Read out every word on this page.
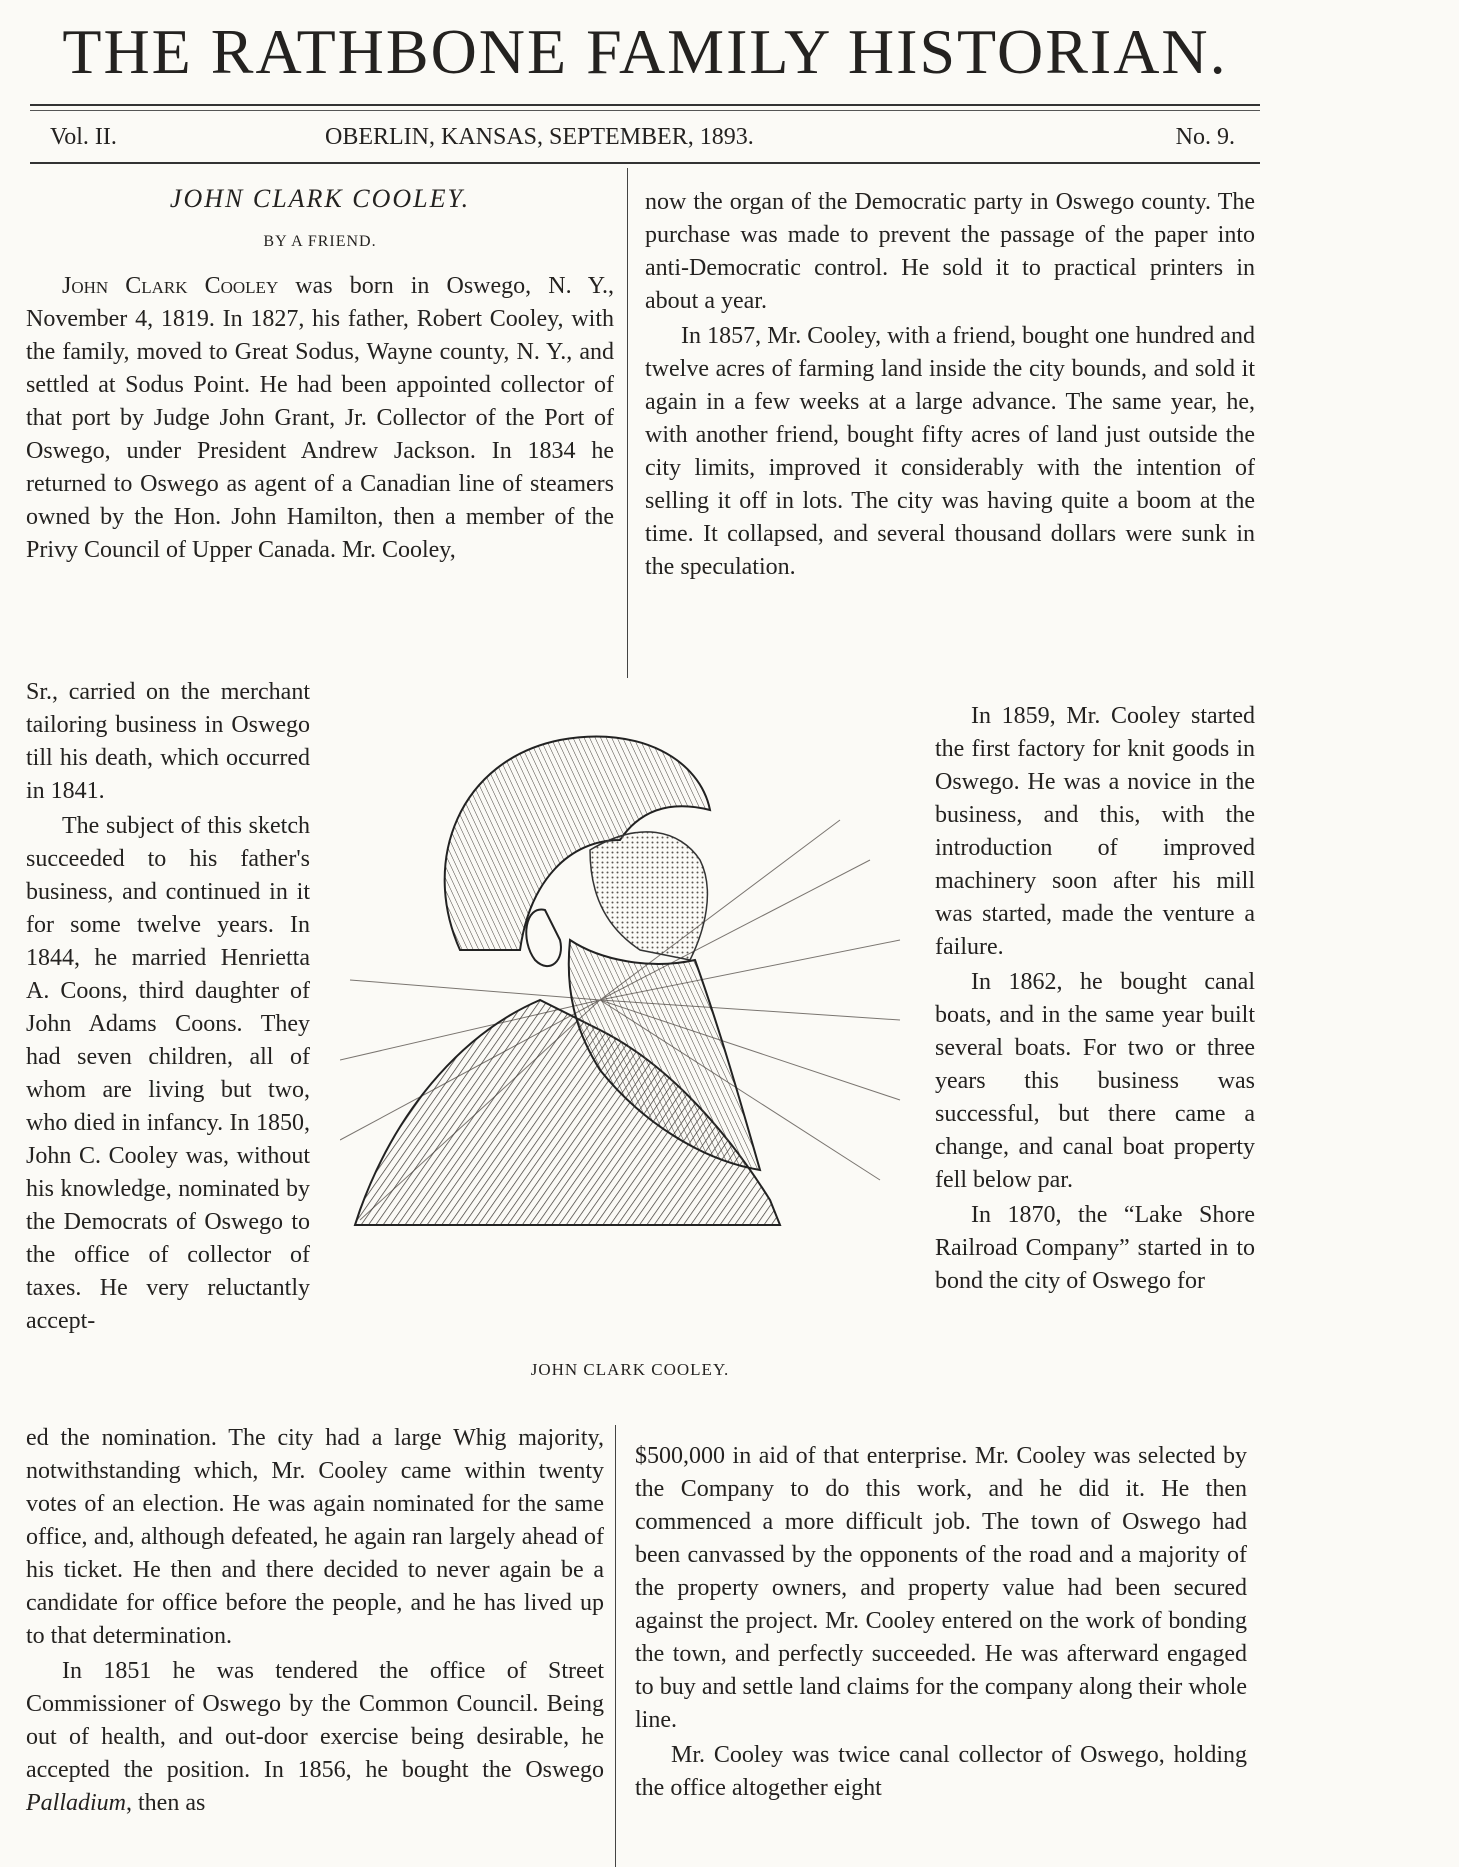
THE RATHBONE FAMILY HISTORIAN.
Vol. II.	OBERLIN, KANSAS, SEPTEMBER, 1893.	No. 9.
JOHN CLARK COOLEY.
BY A FRIEND.

John Clark Cooley was born in Oswego, N. Y., November 4, 1819. In 1827, his father, Robert Cooley, with the family, moved to Great Sodus, Wayne county, N. Y., and settled at Sodus Point. He had been appointed collector of that port by Judge John Grant, Jr. Collector of the Port of Oswego, under President Andrew Jackson. In 1834 he returned to Oswego as agent of a Canadian line of steamers owned by the Hon. John Hamilton, then a member of the Privy Council of Upper Canada. Mr. Cooley,

Sr., carried on the merchant tailoring business in Oswego till his death, which occurred in 1841.

The subject of this sketch succeeded to his father's business, and continued in it for some twelve years. In 1844, he married Henrietta A. Coons, third daughter of John Adams Coons. They had seven children, all of whom are living but two, who died in infancy. In 1850, John C. Cooley was, without his knowledge, nominated by the Democrats of Oswego to the office of collector of taxes. He very reluctantly accept-

ed the nomination. The city had a large Whig majority, notwithstanding which, Mr. Cooley came within twenty votes of an election. He was again nominated for the same office, and, although defeated, he again ran largely ahead of his ticket. He then and there decided to never again be a candidate for office before the people, and he has lived up to that determination.

In 1851 he was tendered the office of Street Commissioner of Oswego by the Common Council. Being out of health, and out-door exercise being desirable, he accepted the position. In 1856, he bought the Oswego Palladium, then as

now the organ of the Democratic party in Oswego county. The purchase was made to prevent the passage of the paper into anti-Democratic control. He sold it to practical printers in about a year.

In 1857, Mr. Cooley, with a friend, bought one hundred and twelve acres of farming land inside the city bounds, and sold it again in a few weeks at a large advance. The same year, he, with another friend, bought fifty acres of land just outside the city limits, improved it considerably with the intention of selling it off in lots. The city was having quite a boom at the time. It collapsed, and several thousand dollars were sunk in the speculation.

In 1859, Mr. Cooley started the first factory for knit goods in Oswego. He was a novice in the business, and this, with the introduction of improved machinery soon after his mill was started, made the venture a failure.

In 1862, he bought canal boats, and in the same year built several boats. For two or three years this business was successful, but there came a change, and canal boat property fell below par.

In 1870, the “Lake Shore Railroad Company” started in to bond the city of Oswego for

$500,000 in aid of that enterprise. Mr. Cooley was selected by the Company to do this work, and he did it. He then commenced a more difficult job. The town of Oswego had been canvassed by the opponents of the road and a majority of the property owners, and property value had been secured against the project. Mr. Cooley entered on the work of bonding the town, and perfectly succeeded. He was afterward engaged to buy and settle land claims for the company along their whole line.

Mr. Cooley was twice canal collector of Oswego, holding the office altogether eight

JOHN CLARK COOLEY.
